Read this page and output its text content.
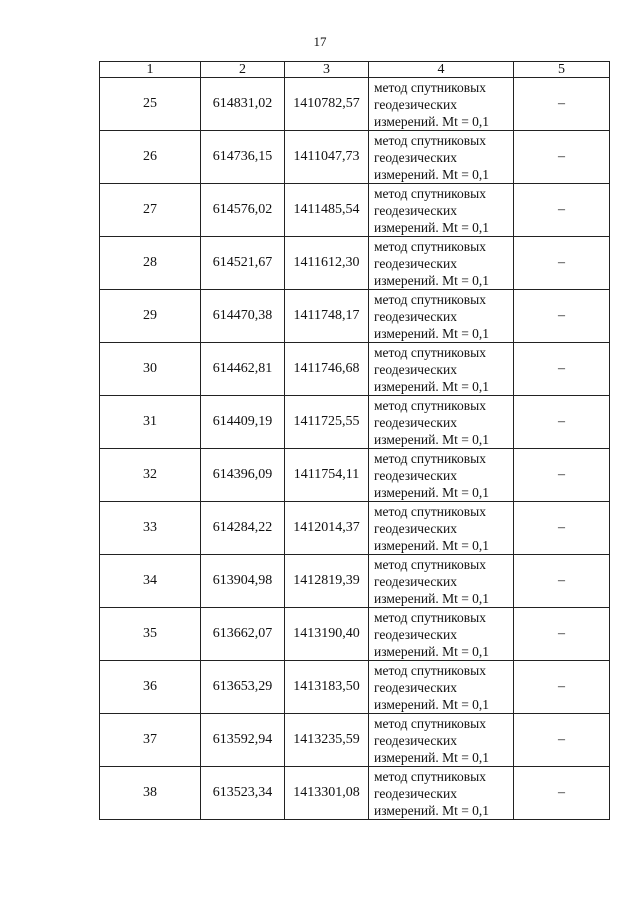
17
1	2	3	4	5
25	614831,02	1410782,57	метод спутниковых
геодезических
измерений. Mt = 0,1	–
26	614736,15	1411047,73	метод спутниковых
геодезических
измерений. Mt = 0,1	–
27	614576,02	1411485,54	метод спутниковых
геодезических
измерений. Mt = 0,1	–
28	614521,67	1411612,30	метод спутниковых
геодезических
измерений. Mt = 0,1	–
29	614470,38	1411748,17	метод спутниковых
геодезических
измерений. Mt = 0,1	–
30	614462,81	1411746,68	метод спутниковых
геодезических
измерений. Mt = 0,1	–
31	614409,19	1411725,55	метод спутниковых
геодезических
измерений. Mt = 0,1	–
32	614396,09	1411754,11	метод спутниковых
геодезических
измерений. Mt = 0,1	–
33	614284,22	1412014,37	метод спутниковых
геодезических
измерений. Mt = 0,1	–
34	613904,98	1412819,39	метод спутниковых
геодезических
измерений. Mt = 0,1	–
35	613662,07	1413190,40	метод спутниковых
геодезических
измерений. Mt = 0,1	–
36	613653,29	1413183,50	метод спутниковых
геодезических
измерений. Mt = 0,1	–
37	613592,94	1413235,59	метод спутниковых
геодезических
измерений. Mt = 0,1	–
38	613523,34	1413301,08	метод спутниковых
геодезических
измерений. Mt = 0,1	–
